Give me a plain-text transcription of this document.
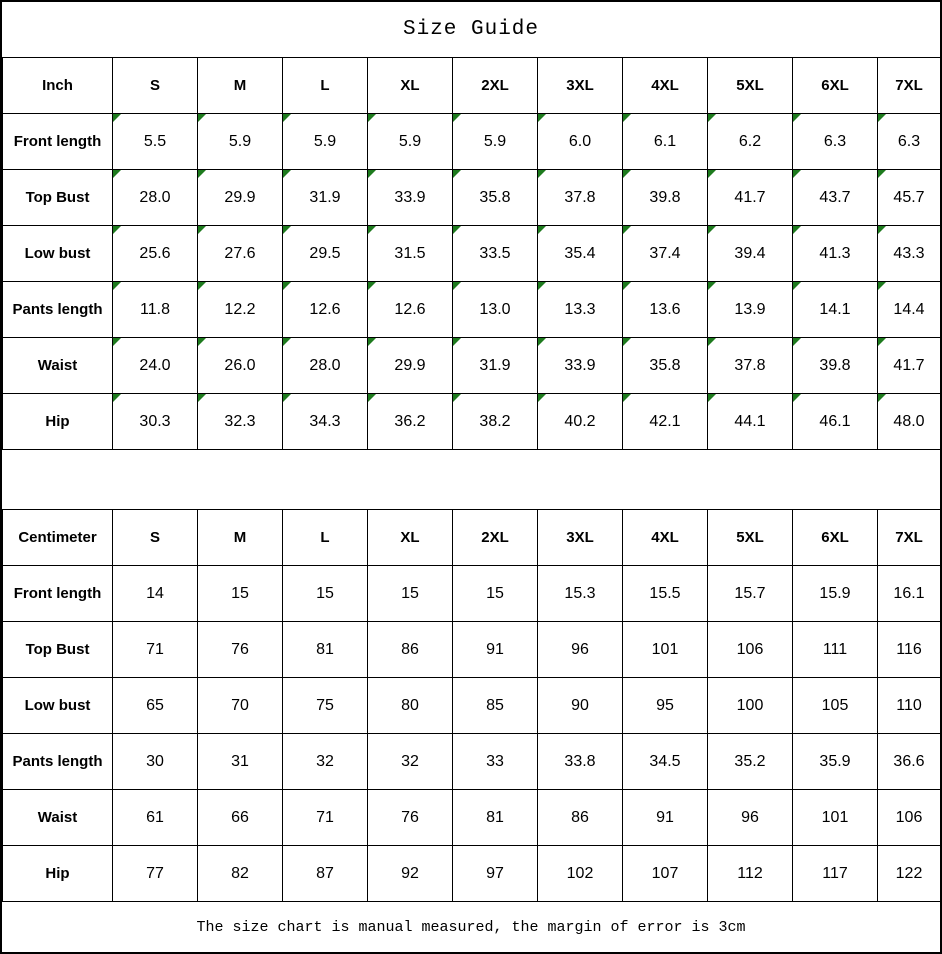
Size Guide
Inch	S	M	L	XL	2XL	3XL	4XL	5XL	6XL	7XL
Front length	5.5	5.9	5.9	5.9	5.9	6.0	6.1	6.2	6.3	6.3

Top Bust	28.0	29.9	31.9	33.9	35.8	37.8	39.8	41.7	43.7	45.7

Low bust	25.6	27.6	29.5	31.5	33.5	35.4	37.4	39.4	41.3	43.3

Pants length	11.8	12.2	12.6	12.6	13.0	13.3	13.6	13.9	14.1	14.4

Waist	24.0	26.0	28.0	29.9	31.9	33.9	35.8	37.8	39.8	41.7

Hip	30.3	32.3	34.3	36.2	38.2	40.2	42.1	44.1	46.1	48.0
Centimeter	S	M	L	XL	2XL	3XL	4XL	5XL	6XL	7XL
Front length	14	15	15	15	15	15.3	15.5	15.7	15.9	16.1
Top Bust	71	76	81	86	91	96	101	106	111	116
Low bust	65	70	75	80	85	90	95	100	105	110
Pants length	30	31	32	32	33	33.8	34.5	35.2	35.9	36.6
Waist	61	66	71	76	81	86	91	96	101	106
Hip	77	82	87	92	97	102	107	112	117	122
The size chart is manual measured, the margin of error is 3cm
